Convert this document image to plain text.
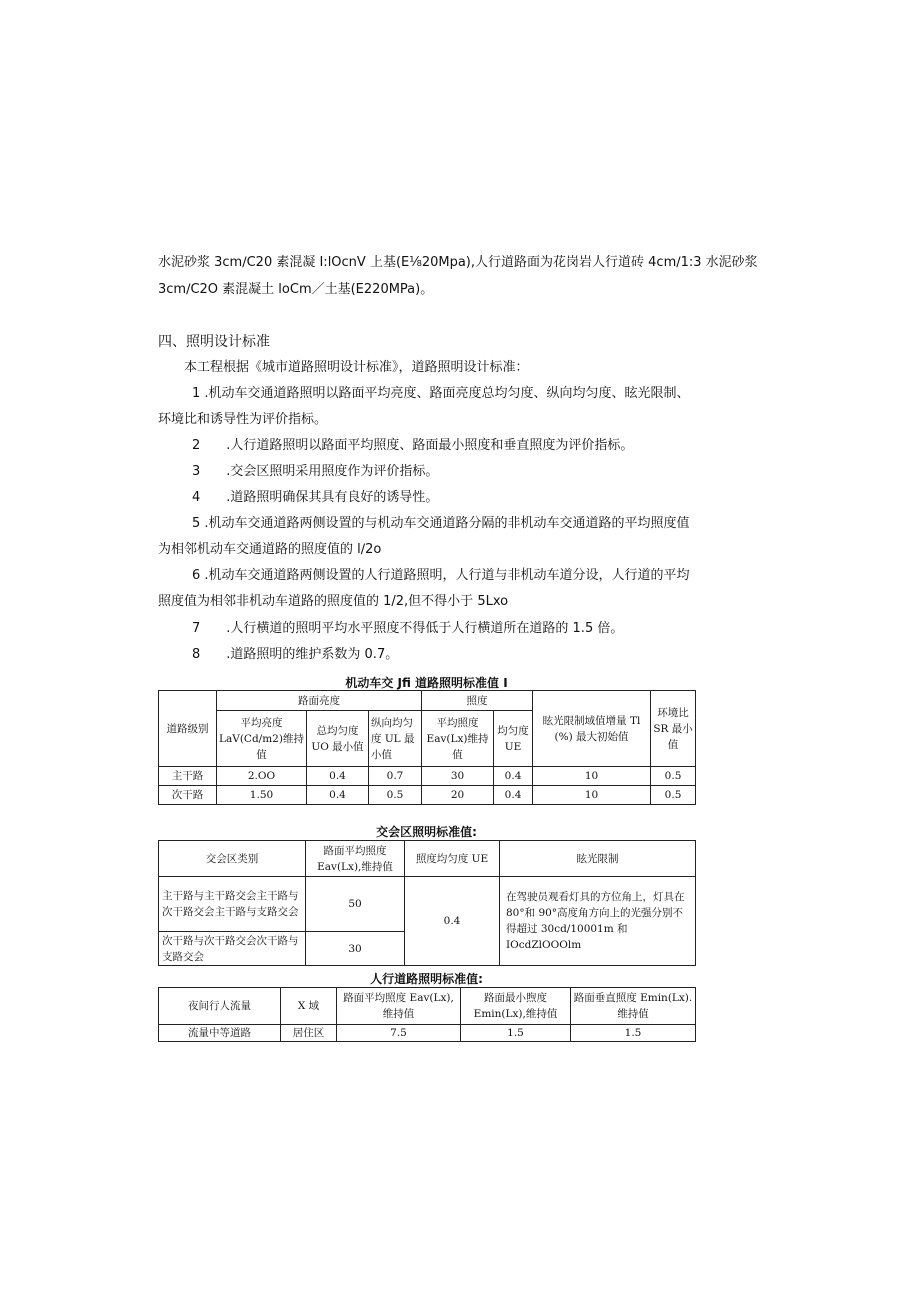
水泥砂浆 3cm∕C20 素混凝 I:lOcnV 上基(E⅛20Mpa),人行道路面为花岗岩人行道砖 4cm∕1:3 水泥砂浆
3cm∕C2O 素混凝土 loCm／土基(E220MPa)。
四、照明设计标准
本工程根据《城市道路照明设计标准》，道路照明设计标准：
1 .机动车交通道路照明以路面平均亮度、路面亮度总均匀度、纵向均匀度、眩光限制、
环境比和诱导性为评价指标。
2　　.人行道路照明以路面平均照度、路面最小照度和垂直照度为评价指标。
3　　.交会区照明采用照度作为评价指标。
4　　.道路照明确保其具有良好的诱导性。
5 .机动车交通道路两侧设置的与机动车交通道路分隔的非机动车交通道路的平均照度值
为相邻机动车交通道路的照度值的 l∕2o
6 .机动车交通道路两侧设置的人行道路照明，人行道与非机动车道分设，人行道的平均
照度值为相邻非机动车道路的照度值的 1/2,但不得小于 5Lxo
7　　.人行横道的照明平均水平照度不得低于人行横道所在道路的 1.5 倍。
8　　.道路照明的维护系数为 0.7。
机动车交 Jfi 道路照明标准值 I
道路级别	路面亮度			照度		眩光限制域值增量 Tl (%) 最大初始值	环境比 SR 最小值
	平均亮度 LaV(Cd/m2)维持值	总均匀度 UO 最小值	纵向均匀度 UL 最小值	平均照度 Eav(Lx)维持值	均匀度 UE		
主干路	2.OO	0.4	0.7	30	0.4	10	0.5
次干路	1.50	0.4	0.5	20	0.4	10	0.5
交会区照明标准值:
交会区类别	路面平均照度 Eav(Lx),维持值	照度均匀度 UE	眩光限制
主干路与主干路交会主干路与次干路交会主干路与支路交会	50	0.4	在驾驶员观看灯具的方位角上，灯具在 80°和 90°高度角方向上的光强分别不得超过 30cd/10001m 和 IOcdZlOOOlm
次干路与次干路交会次干路与支路交会	30		
人行道路照明标准值:
夜间行人流量	X 域	路面平均照度 Eav(Lx),维持值	路面最小煦度 Emin(Lx),维持值	路面垂直照度 Emin(Lx).维持值
流量中等道路	居住区	7.5	1.5	1.5
